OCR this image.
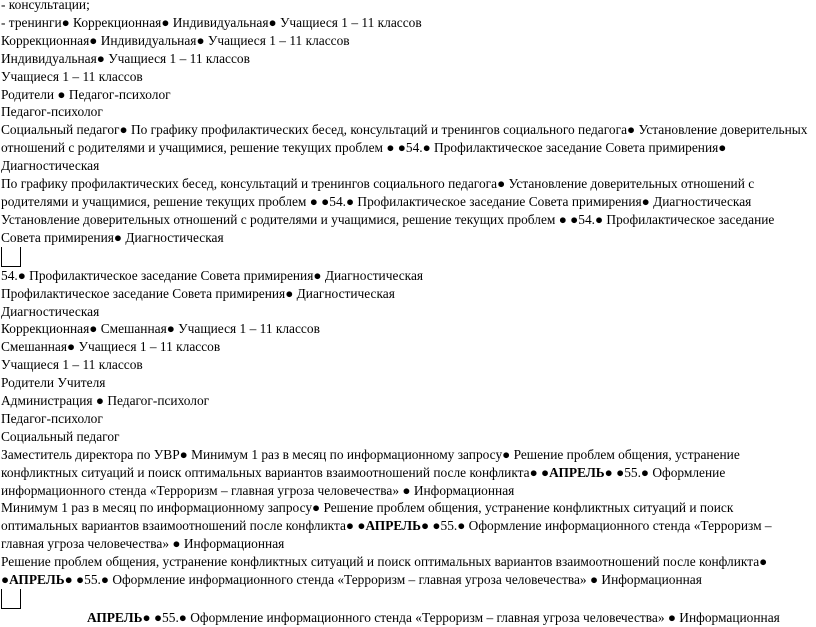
- консультации;

- тренинги● Коррекционная● Индивидуальная● Учащиеся 1 – 11 классов

Коррекционная● Индивидуальная● Учащиеся 1 – 11 классов

Индивидуальная● Учащиеся 1 – 11 классов

Учащиеся 1 – 11 классов

Родители ● Педагог-психолог

Педагог-психолог

Социальный педагог● По графику профилактических бесед, консультаций и тренингов социального педагога● Установление доверительных отношений с родителями и учащимися, решение текущих проблем ● ●54.● Профилактическое заседание Совета примирения● Диагностическая

По графику профилактических бесед, консультаций и тренингов социального педагога● Установление доверительных отношений с родителями и учащимися, решение текущих проблем ● ●54.● Профилактическое заседание Совета примирения● Диагностическая

Установление доверительных отношений с родителями и учащимися, решение текущих проблем ● ●54.● Профилактическое заседание Совета примирения● Диагностическая

54.● Профилактическое заседание Совета примирения● Диагностическая

Профилактическое заседание Совета примирения● Диагностическая

Диагностическая

Коррекционная● Смешанная● Учащиеся 1 – 11 классов

Смешанная● Учащиеся 1 – 11 классов

Учащиеся 1 – 11 классов

Родители Учителя

Администрация ● Педагог-психолог

Педагог-психолог

Социальный педагог

Заместитель директора по УВР● Минимум 1 раз в месяц по информационному запросу● Решение проблем общения, устранение конфликтных ситуаций и поиск оптимальных вариантов взаимоотношений после конфликта● ●АПРЕЛЬ● ●55.● Оформление информационного стенда «Терроризм – главная угроза человечества» ● Информационная

Минимум 1 раз в месяц по информационному запросу● Решение проблем общения, устранение конфликтных ситуаций и поиск оптимальных вариантов взаимоотношений после конфликта● ●АПРЕЛЬ● ●55.● Оформление информационного стенда «Терроризм – главная угроза человечества» ● Информационная

Решение проблем общения, устранение конфликтных ситуаций и поиск оптимальных вариантов взаимоотношений после конфликта● ●АПРЕЛЬ● ●55.● Оформление информационного стенда «Терроризм – главная угроза человечества» ● Информационная

АПРЕЛЬ● ●55.● Оформление информационного стенда «Терроризм – главная угроза человечества» ● Информационная
